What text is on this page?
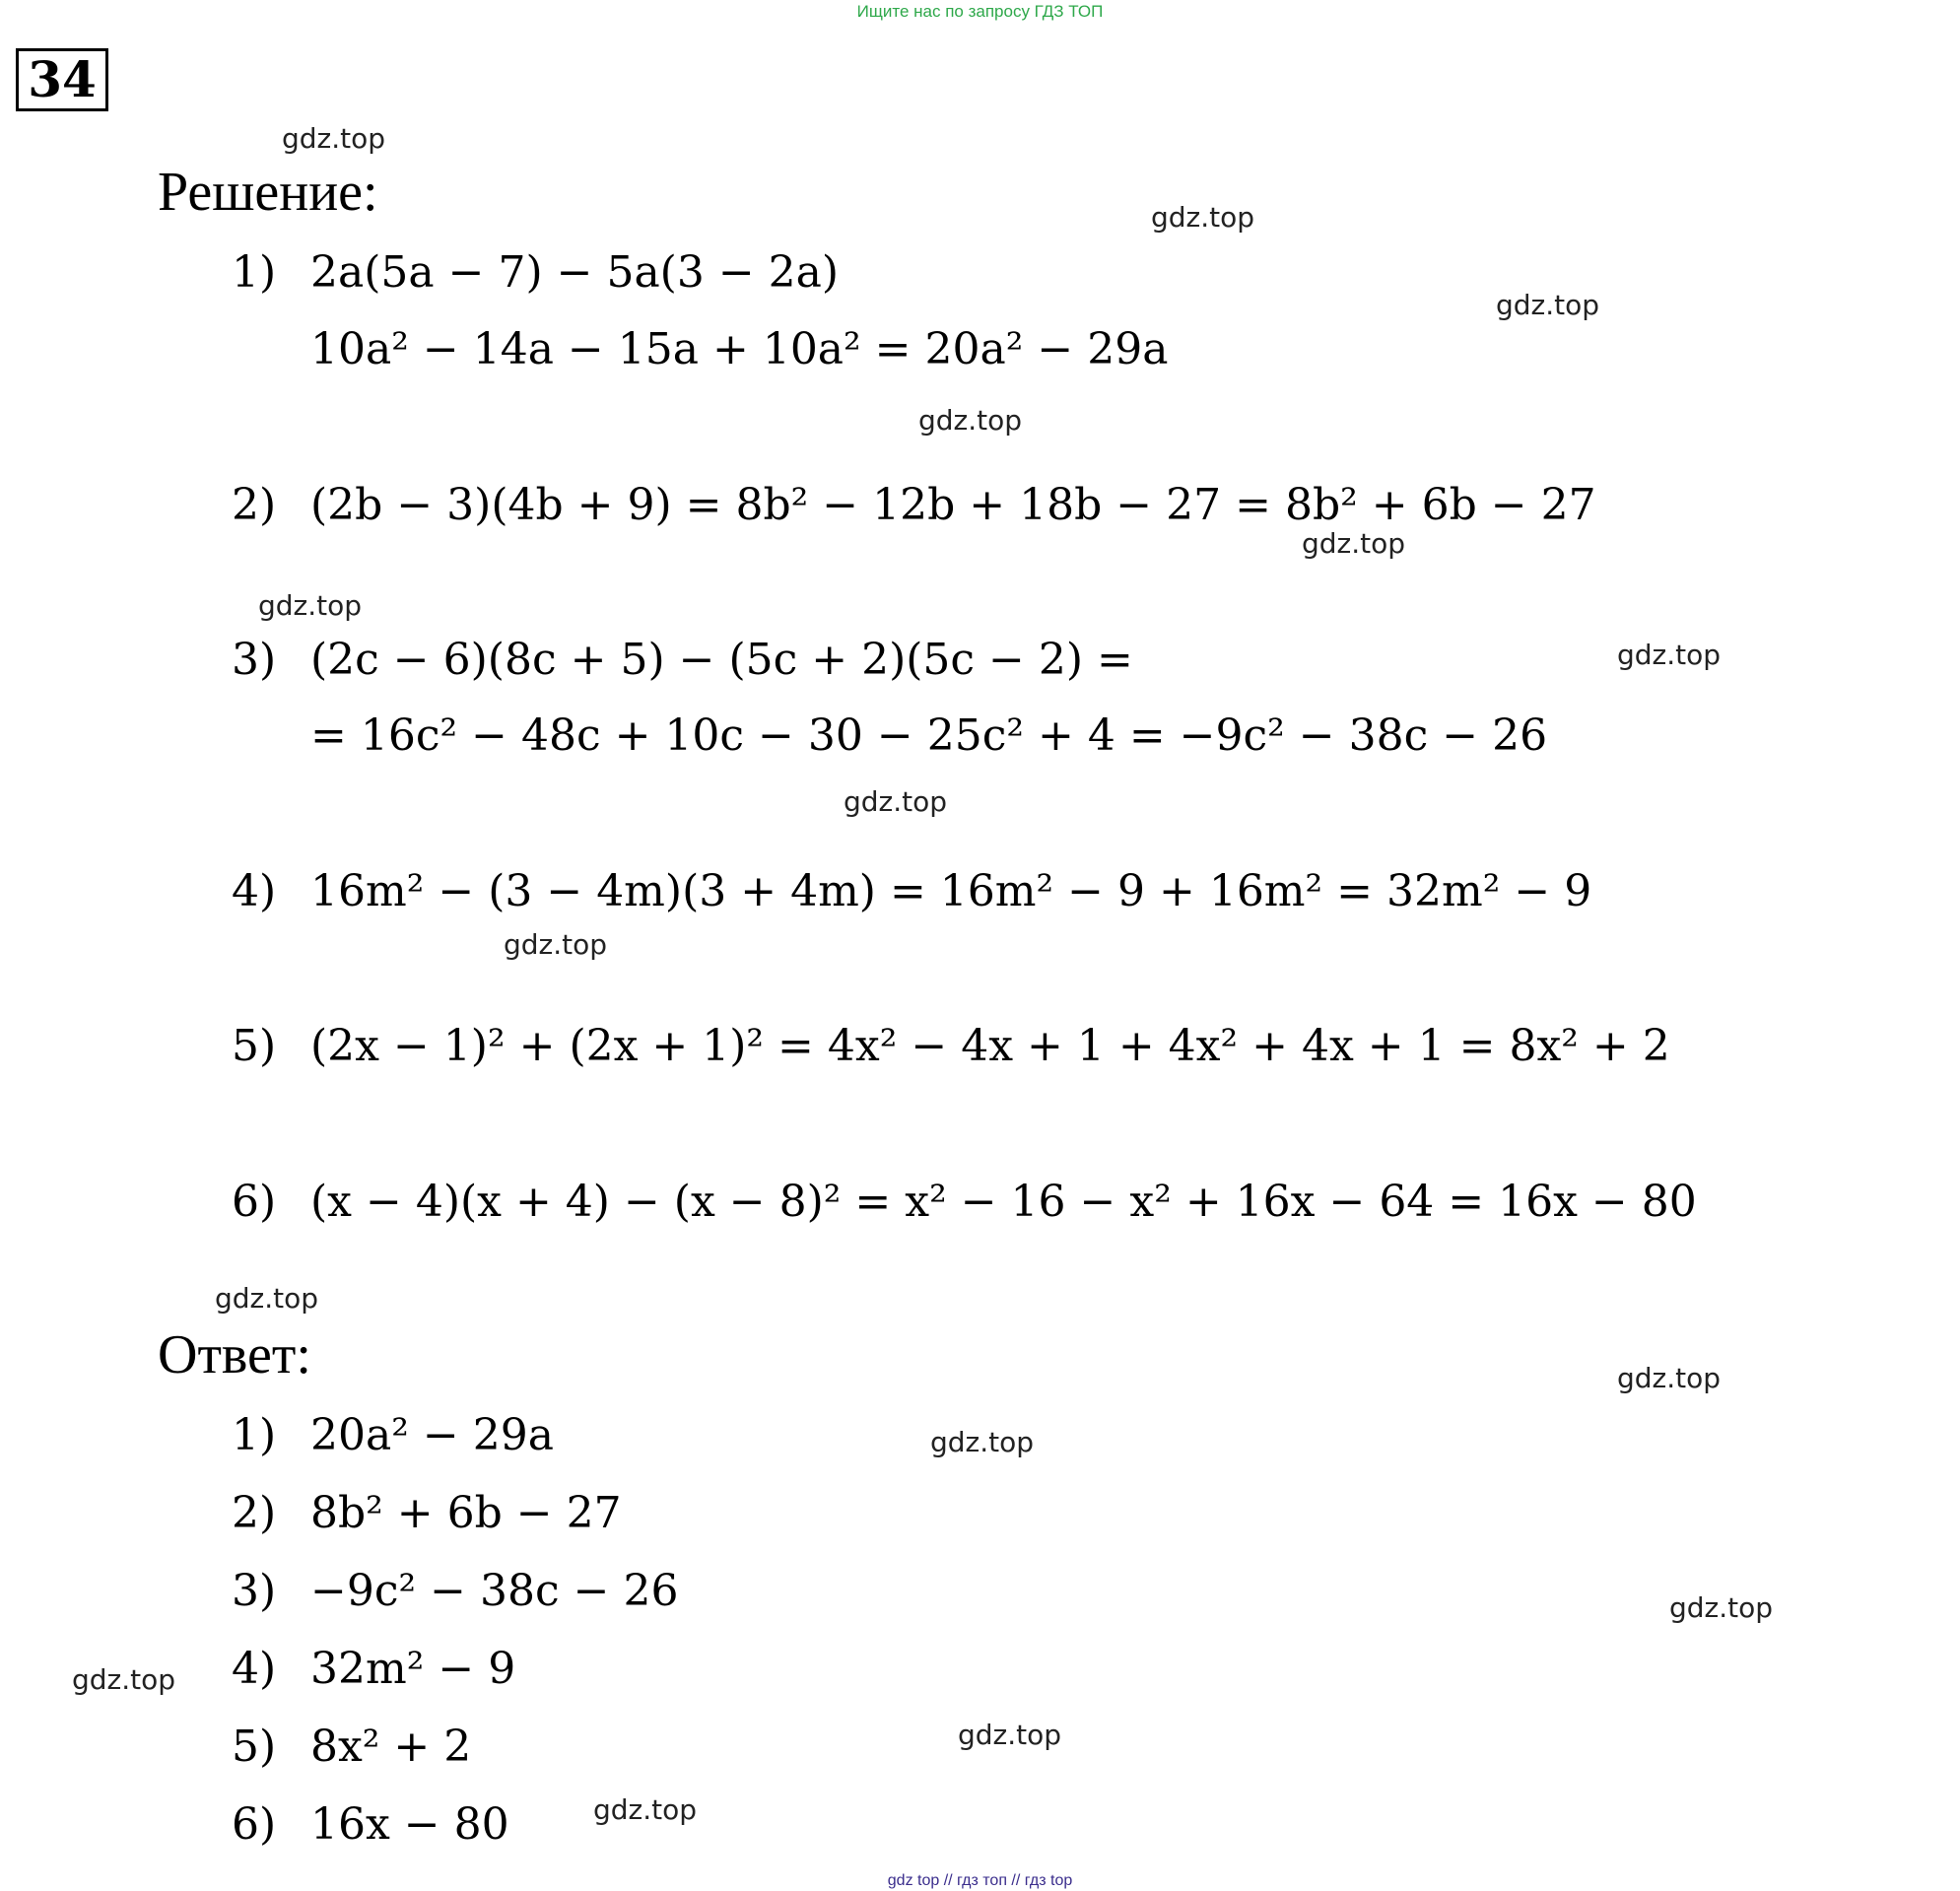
Ищите нас по запросу ГДЗ ТОП
34
Решение:
1) 2a(5a − 7) − 5a(3 − 2a)
10a² − 14a − 15a + 10a² = 20a² − 29a
2) (2b − 3)(4b + 9) = 8b² − 12b + 18b − 27 = 8b² + 6b − 27
3) (2c − 6)(8c + 5) − (5c + 2)(5c − 2) =
= 16c² − 48c + 10c − 30 − 25c² + 4 = −9c² − 38c − 26
4) 16m² − (3 − 4m)(3 + 4m) = 16m² − 9 + 16m² = 32m² − 9
5) (2x − 1)² + (2x + 1)² = 4x² − 4x + 1 + 4x² + 4x + 1 = 8x² + 2
6) (x − 4)(x + 4) − (x − 8)² = x² − 16 − x² + 16x − 64 = 16x − 80
Ответ:
1) 20a² − 29a
2) 8b² + 6b − 27
3) −9c² − 38c − 26
4) 32m² − 9
5) 8x² + 2
6) 16x − 80
gdz.top
gdz.top
gdz.top
gdz.top
gdz.top
gdz.top
gdz.top
gdz.top
gdz.top
gdz.top
gdz.top
gdz.top
gdz.top
gdz.top
gdz.top
gdz.top
gdz top // гдз топ // гдз top
